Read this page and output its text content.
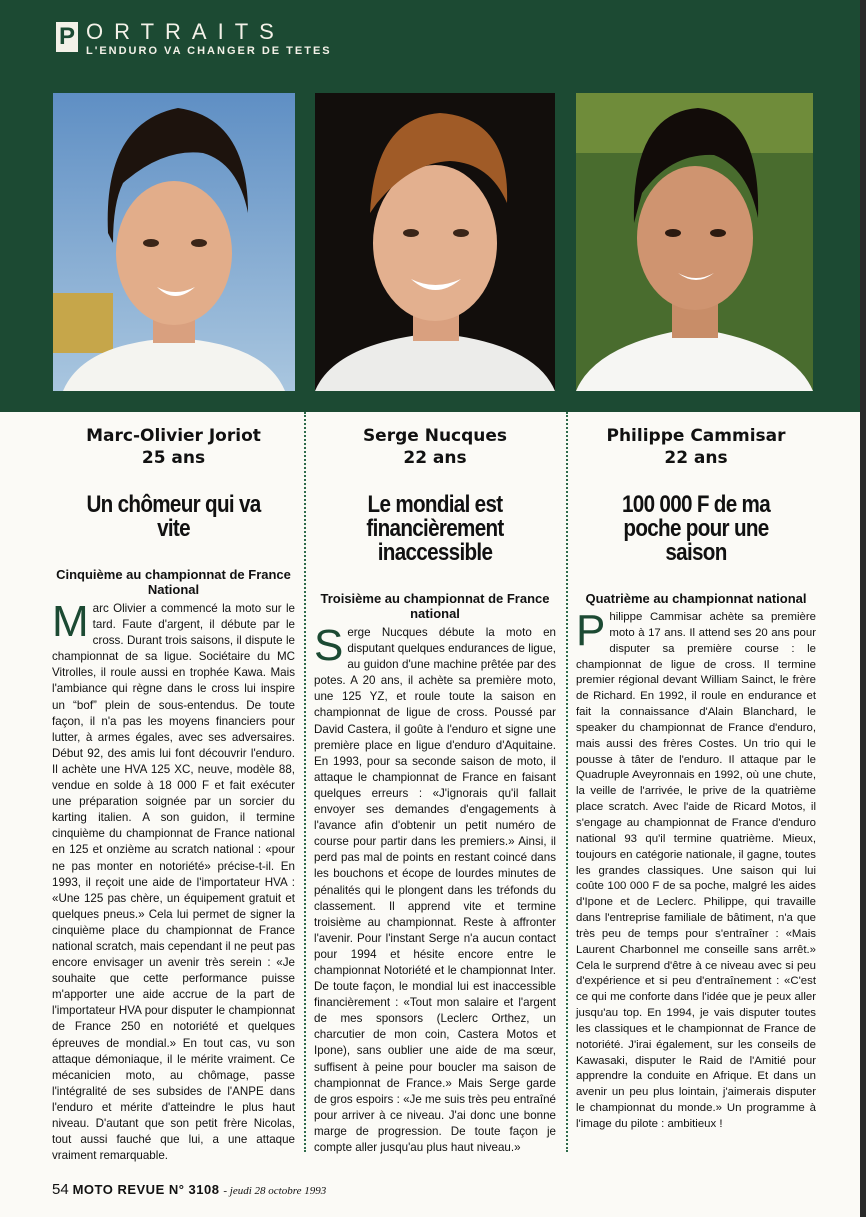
P ORTRAITS
L'ENDURO VA CHANGER DE TETES
Marc-Olivier Joriot
25 ans
Un chômeur qui va vite
Cinquième au championnat de France National
Marc Olivier a commencé la moto sur le tard. Faute d'argent, il débute par le cross. Durant trois saisons, il dispute le championnat de sa ligue. Sociétaire du MC Vitrolles, il roule aussi en trophée Kawa. Mais l'ambiance qui règne dans le cross lui inspire un “bof” plein de sous-entendus. De toute façon, il n'a pas les moyens financiers pour lutter, à armes égales, avec ses adversaires. Début 92, des amis lui font découvrir l'enduro. Il achète une HVA 125 XC, neuve, modèle 88, vendue en solde à 18 000 F et fait exécuter une préparation soignée par un sorcier du karting italien. A son guidon, il termine cinquième du championnat de France national en 125 et onzième au scratch national : «pour ne pas monter en notoriété» précise-t-il. En 1993, il reçoit une aide de l'importateur HVA : «Une 125 pas chère, un équipement gratuit et quelques pneus.» Cela lui permet de signer la cinquième place du championnat de France national scratch, mais cependant il ne peut pas encore envisager un avenir très serein : «Je souhaite que cette performance puisse m'apporter une aide accrue de la part de l'importateur HVA pour disputer le championnat de France 250 en notoriété et quelques épreuves de mondial.» En tout cas, vu son attaque démoniaque, il le mérite vraiment. Ce mécanicien moto, au chômage, passe l'intégralité de ses subsides de l'ANPE dans l'enduro et mérite d'atteindre le plus haut niveau. D'autant que son petit frère Nicolas, tout aussi fauché que lui, a une attaque vraiment remarquable.
Serge Nucques
22 ans
Le mondial est financièrement inaccessible
Troisième au championnat de France national
Serge Nucques débute la moto en disputant quelques endurances de ligue, au guidon d'une machine prêtée par des potes. A 20 ans, il achète sa première moto, une 125 YZ, et roule toute la saison en championnat de ligue de cross. Poussé par David Castera, il goûte à l'enduro et signe une première place en ligue d'enduro d'Aquitaine. En 1993, pour sa seconde saison de moto, il attaque le championnat de France en faisant quelques erreurs : «J'ignorais qu'il fallait envoyer ses demandes d'engagements à l'avance afin d'obtenir un petit numéro de course pour partir dans les premiers.» Ainsi, il perd pas mal de points en restant coincé dans les bouchons et écope de lourdes minutes de pénalités qui le plongent dans les tréfonds du classement. Il apprend vite et termine troisième au championnat. Reste à affronter l'avenir. Pour l'instant Serge n'a aucun contact pour 1994 et hésite encore entre le championnat Notoriété et le championnat Inter. De toute façon, le mondial lui est inaccessible financièrement : «Tout mon salaire et l'argent de mes sponsors (Leclerc Orthez, un charcutier de mon coin, Castera Motos et Ipone), sans oublier une aide de ma sœur, suffisent à peine pour boucler ma saison de championnat de France.» Mais Serge garde de gros espoirs : «Je me suis très peu entraîné pour arriver à ce niveau. J'ai donc une bonne marge de progression. De toute façon je compte aller jusqu'au plus haut niveau.»
Philippe Cammisar
22 ans
100 000 F de ma poche pour une saison
Quatrième au championnat national
Philippe Cammisar achète sa première moto à 17 ans. Il attend ses 20 ans pour disputer sa première course : le championnat de ligue de cross. Il termine premier régional devant William Sainct, le frère de Richard. En 1992, il roule en endurance et fait la connaissance d'Alain Blanchard, le speaker du championnat de France d'enduro, mais aussi des frères Costes. Un trio qui le pousse à tâter de l'enduro. Il attaque par le Quadruple Aveyronnais en 1992, où une chute, la veille de l'arrivée, le prive de la quatrième place scratch. Avec l'aide de Ricard Motos, il s'engage au championnat de France d'enduro national 93 qu'il termine quatrième. Mieux, toujours en catégorie nationale, il gagne, toutes les grandes classiques. Une saison qui lui coûte 100 000 F de sa poche, malgré les aides d'Ipone et de Leclerc. Philippe, qui travaille dans l'entreprise familiale de bâtiment, n'a que très peu de temps pour s'entraîner : «Mais Laurent Charbonnel me conseille sans arrêt.» Cela le surprend d'être à ce niveau avec si peu d'expérience et si peu d'entraînement : «C'est ce qui me conforte dans l'idée que je peux aller jusqu'au top. En 1994, je vais disputer toutes les classiques et le championnat de France de notoriété. J'irai également, sur les conseils de Kawasaki, disputer le Raid de l'Amitié pour apprendre la conduite en Afrique. Et dans un avenir un peu plus lointain, j'aimerais disputer le championnat du monde.» Un programme à l'image du pilote : ambitieux !
54 MOTO REVUE N° 3108 - jeudi 28 octobre 1993
